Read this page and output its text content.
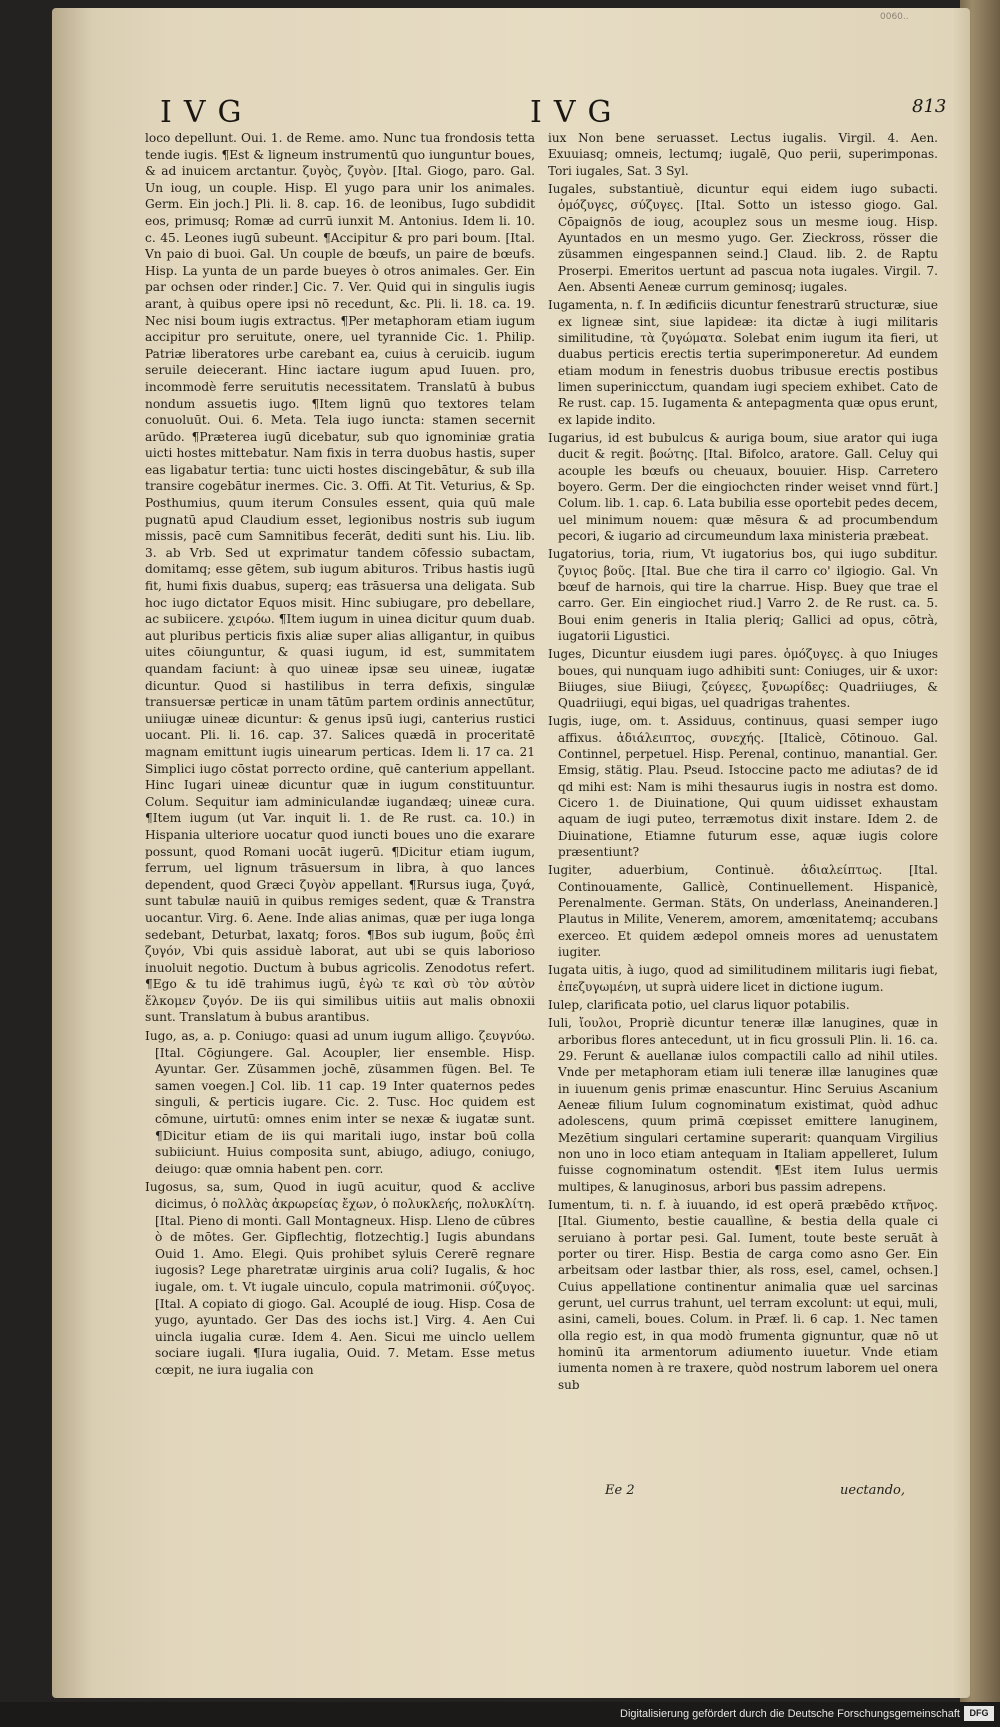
0060..
IVG	IVG	813

loco depellunt. Oui. 1. de Reme. amo. Nunc tua frondosis tetta tende iugis. ¶Est & ligneum instrumentū quo iunguntur boues, & ad inuicem arctantur. ζυγὸς, ζυγὸν. [Ital. Giogo, paro. Gal. Un ioug, un couple. Hisp. El yugo para unir los animales. Germ. Ein joch.] Pli. li. 8. cap. 16. de leonibus, Iugo subdidit eos, primusq; Romæ ad currū iunxit M. Antonius. Idem li. 10. c. 45. Leones iugū subeunt. ¶Accipitur & pro pari boum. [Ital. Vn paio di buoi. Gal. Un couple de bœufs, un paire de bœufs. Hisp. La yunta de un parde bueyes ò otros animales. Ger. Ein par ochsen oder rinder.] Cic. 7. Ver. Quid qui in singulis iugis arant, à quibus opere ipsi nō recedunt, &c. Pli. li. 18. ca. 19. Nec nisi boum iugis extractus. ¶Per metaphoram etiam iugum accipitur pro seruitute, onere, uel tyrannide Cic. 1. Philip. Patriæ liberatores urbe carebant ea, cuius à ceruicib. iugum seruile deiecerant. Hinc iactare iugum apud Iuuen. pro, incommodè ferre seruitutis necessitatem. Translatū à bubus nondum assuetis iugo. ¶Item lignū quo textores telam conuoluūt. Oui. 6. Meta. Tela iugo iuncta: stamen secernit arūdo. ¶Præterea iugū dicebatur, sub quo ignominiæ gratia uicti hostes mittebatur. Nam fixis in terra duobus hastis, super eas ligabatur tertia: tunc uicti hostes discingebātur, & sub illa transire cogebātur inermes. Cic. 3. Offi. At Tit. Veturius, & Sp. Posthumius, quum iterum Consules essent, quia quū male pugnatū apud Claudium esset, legionibus nostris sub iugum missis, pacē cum Samnitibus fecerāt, dediti sunt his. Liu. lib. 3. ab Vrb. Sed ut exprimatur tandem cōfessio subactam, domitamq; esse gētem, sub iugum abituros. Tribus hastis iugū fit, humi fixis duabus, superq; eas trāsuersa una deligata. Sub hoc iugo dictator Equos misit. Hinc subiugare, pro debellare, ac subiicere. χειρόω. ¶Item iugum in uinea dicitur quum duab. aut pluribus perticis fixis aliæ super alias alligantur, in quibus uites cōiunguntur, & quasi iugum, id est, summitatem quandam faciunt: à quo uineæ ipsæ seu uineæ, iugatæ dicuntur. Quod si hastilibus in terra defixis, singulæ transuersæ perticæ in unam tātūm partem ordinis annectūtur, uniiugæ uineæ dicuntur: & genus ipsū iugi, canterius rustici uocant. Pli. li. 16. cap. 37. Salices quædā in proceritatē magnam emittunt iugis uinearum perticas. Idem li. 17 ca. 21 Simplici iugo cōstat porrecto ordine, quē canterium appellant. Hinc Iugari uineæ dicuntur quæ in iugum constituuntur. Colum. Sequitur iam adminiculandæ iugandæq; uineæ cura. ¶Item iugum (ut Var. inquit li. 1. de Re rust. ca. 10.) in Hispania ulteriore uocatur quod iuncti boues uno die exarare possunt, quod Romani uocāt iugerū. ¶Dicitur etiam iugum, ferrum, uel lignum trāsuersum in libra, à quo lances dependent, quod Græci ζυγὸν appellant. ¶Rursus iuga, ζυγά, sunt tabulæ nauiū in quibus remiges sedent, quæ & Transtra uocantur. Virg. 6. Aene. Inde alias animas, quæ per iuga longa sedebant, Deturbat, laxatq; foros. ¶Bos sub iugum, βοῦς ἐπὶ ζυγόν, Vbi quis assiduè laborat, aut ubi se quis laborioso inuoluit negotio. Ductum à bubus agricolis. Zenodotus refert. ¶Ego & tu idē trahimus iugū, ἐγὼ τε καὶ σὺ τὸν αὐτὸν ἕλκομεν ζυγόν. De iis qui similibus uitiis aut malis obnoxii sunt. Translatum à bubus arantibus.

Iugo, as, a. p. Coniugo: quasi ad unum iugum alligo. ζευγνύω. [Ital. Cōgiungere. Gal. Acoupler, lier ensemble. Hisp. Ayuntar. Ger. Züsammen jochē, züsammen fügen. Bel. Te samen voegen.] Col. lib. 11 cap. 19 Inter quaternos pedes singuli, & perticis iugare. Cic. 2. Tusc. Hoc quidem est cōmune, uirtutū: omnes enim inter se nexæ & iugatæ sunt. ¶Dicitur etiam de iis qui maritali iugo, instar boū colla subiiciunt. Huius composita sunt, abiugo, adiugo, coniugo, deiugo: quæ omnia habent pen. corr.

Iugosus, sa, sum, Quod in iugū acuitur, quod & acclive dicimus, ὁ πολλὰς ἀκρωρείας ἔχων, ὁ πολυκλεής, πολυκλίτη. [Ital. Pieno di monti. Gall Montagneux. Hisp. Lleno de cūbres ò de mōtes. Ger. Gipflechtig, flotzechtig.] Iugis abundans Ouid 1. Amo. Elegi. Quis prohibet syluis Cererē regnare iugosis? Lege pharetratæ uirginis arua coli? Iugalis, & hoc iugale, om. t. Vt iugale uinculo, copula matrimonii. σύζυγος. [Ital. A copiato di giogo. Gal. Acouplé de ioug. Hisp. Cosa de yugo, ayuntado. Ger Das des iochs ist.] Virg. 4. Aen Cui uincla iugalia curæ. Idem 4. Aen. Sicui me uinclo uellem sociare iugali. ¶Iura iugalia, Ouid. 7. Metam. Esse metus cœpit, ne iura iugalia con

iux Non bene seruasset. Lectus iugalis. Virgil. 4. Aen. Exuuiasq; omneis, lectumq; iugalē, Quo perii, superimponas. Tori iugales, Sat. 3 Syl.

Iugales, substantiuè, dicuntur equi eidem iugo subacti. ὁμόζυγες, σύζυγες. [Ital. Sotto un istesso giogo. Gal. Cōpaignōs de ioug, acouplez sous un mesme ioug. Hisp. Ayuntados en un mesmo yugo. Ger. Zieckross, rösser die züsammen eingespannen seind.] Claud. lib. 2. de Raptu Proserpi. Emeritos uertunt ad pascua nota iugales. Virgil. 7. Aen. Absenti Aeneæ currum geminosq; iugales.

Iugamenta, n. f. In ædificiis dicuntur fenestrarū structuræ, siue ex ligneæ sint, siue lapideæ: ita dictæ à iugi militaris similitudine, τὰ ζυγώματα. Solebat enim iugum ita fieri, ut duabus perticis erectis tertia superimponeretur. Ad eundem etiam modum in fenestris duobus tribusue erectis postibus limen superinicctum, quandam iugi speciem exhibet. Cato de Re rust. cap. 15. Iugamenta & antepagmenta quæ opus erunt, ex lapide indito.

Iugarius, id est bubulcus & auriga boum, siue arator qui iuga ducit & regit. βοώτης. [Ital. Bifolco, aratore. Gall. Celuy qui acouple les bœufs ou cheuaux, bouuier. Hisp. Carretero boyero. Germ. Der die eingiochcten rinder weiset vnnd fürt.] Colum. lib. 1. cap. 6. Lata bubilia esse oportebit pedes decem, uel minimum nouem: quæ mēsura & ad procumbendum pecori, & iugario ad circumeundum laxa ministeria præbeat.

Iugatorius, toria, rium, Vt iugatorius bos, qui iugo subditur. ζυγιος βοῦς. [Ital. Bue che tira il carro co' ilgiogio. Gal. Vn bœuf de harnois, qui tire la charrue. Hisp. Buey que trae el carro. Ger. Ein eingiochet riud.] Varro 2. de Re rust. ca. 5. Boui enim generis in Italia pleriq; Gallici ad opus, cōtrà, iugatorii Ligustici.

Iuges, Dicuntur eiusdem iugi pares. ὁμόζυγες. à quo Iniuges boues, qui nunquam iugo adhibiti sunt: Coniuges, uir & uxor: Biiuges, siue Biiugi, ζεύγεες, ξυνωρίδες: Quadriiuges, & Quadriiugi, equi bigas, uel quadrigas trahentes.

Iugis, iuge, om. t. Assiduus, continuus, quasi semper iugo affixus. ἀδιάλειπτος, συνεχής. [Italicè, Cōtinouo. Gal. Continnel, perpetuel. Hisp. Perenal, continuo, manantial. Ger. Emsig, stätig. Plau. Pseud. Istoccine pacto me adiutas? de id qd mihi est: Nam is mihi thesaurus iugis in nostra est domo. Cicero 1. de Diuinatione, Qui quum uidisset exhaustam aquam de iugi puteo, terræmotus dixit instare. Idem 2. de Diuinatione, Etiamne futurum esse, aquæ iugis colore præsentiunt?

Iugiter, aduerbium, Continuè. ἀδιαλείπτως. [Ital. Continouamente, Gallicè, Continuellement. Hispanicè, Perenalmente. German. Stäts, On underlass, Aneinanderen.] Plautus in Milite, Venerem, amorem, amœnitatemq; accubans exerceo. Et quidem ædepol omneis mores ad uenustatem iugiter.

Iugata uitis, à iugo, quod ad similitudinem militaris iugi fiebat, ἐπεζυγωμένη, ut suprà uidere licet in dictione iugum.

Iulep, clarificata potio, uel clarus liquor potabilis.

Iuli, ἴουλοι, Propriè dicuntur teneræ illæ lanugines, quæ in arboribus flores antecedunt, ut in ficu grossuli Plin. li. 16. ca. 29. Ferunt & auellanæ iulos compactili callo ad nihil utiles. Vnde per metaphoram etiam iuli teneræ illæ lanugines quæ in iuuenum genis primæ enascuntur. Hinc Seruius Ascanium Aeneæ filium Iulum cognominatum existimat, quòd adhuc adolescens, quum primā cœpisset emittere lanuginem, Mezētium singulari certamine superarit: quanquam Virgilius non uno in loco etiam antequam in Italiam appelleret, Iulum fuisse cognominatum ostendit. ¶Est item Iulus uermis multipes, & lanuginosus, arbori bus passim adrepens.

Iumentum, ti. n. f. à iuuando, id est operā præbēdo κτῆνος. [Ital. Giumento, bestie cauallìne, & bestia della quale ci seruiano à portar pesi. Gal. Iument, toute beste seruāt à porter ou tirer. Hisp. Bestia de carga como asno Ger. Ein arbeitsam oder lastbar thier, als ross, esel, camel, ochsen.] Cuius appellatione continentur animalia quæ uel sarcinas gerunt, uel currus trahunt, uel terram excolunt: ut equi, muli, asini, cameli, boues. Colum. in Præf. li. 6 cap. 1. Nec tamen olla regio est, in qua modò frumenta gignuntur, quæ nō ut hominū ita armentorum adiumento iuuetur. Vnde etiam iumenta nomen à re traxere, quòd nostrum laborem uel onera sub

Ee 2	uectando,
Digitalisierung gefördert durch die Deutsche Forschungsgemeinschaft	DFG
